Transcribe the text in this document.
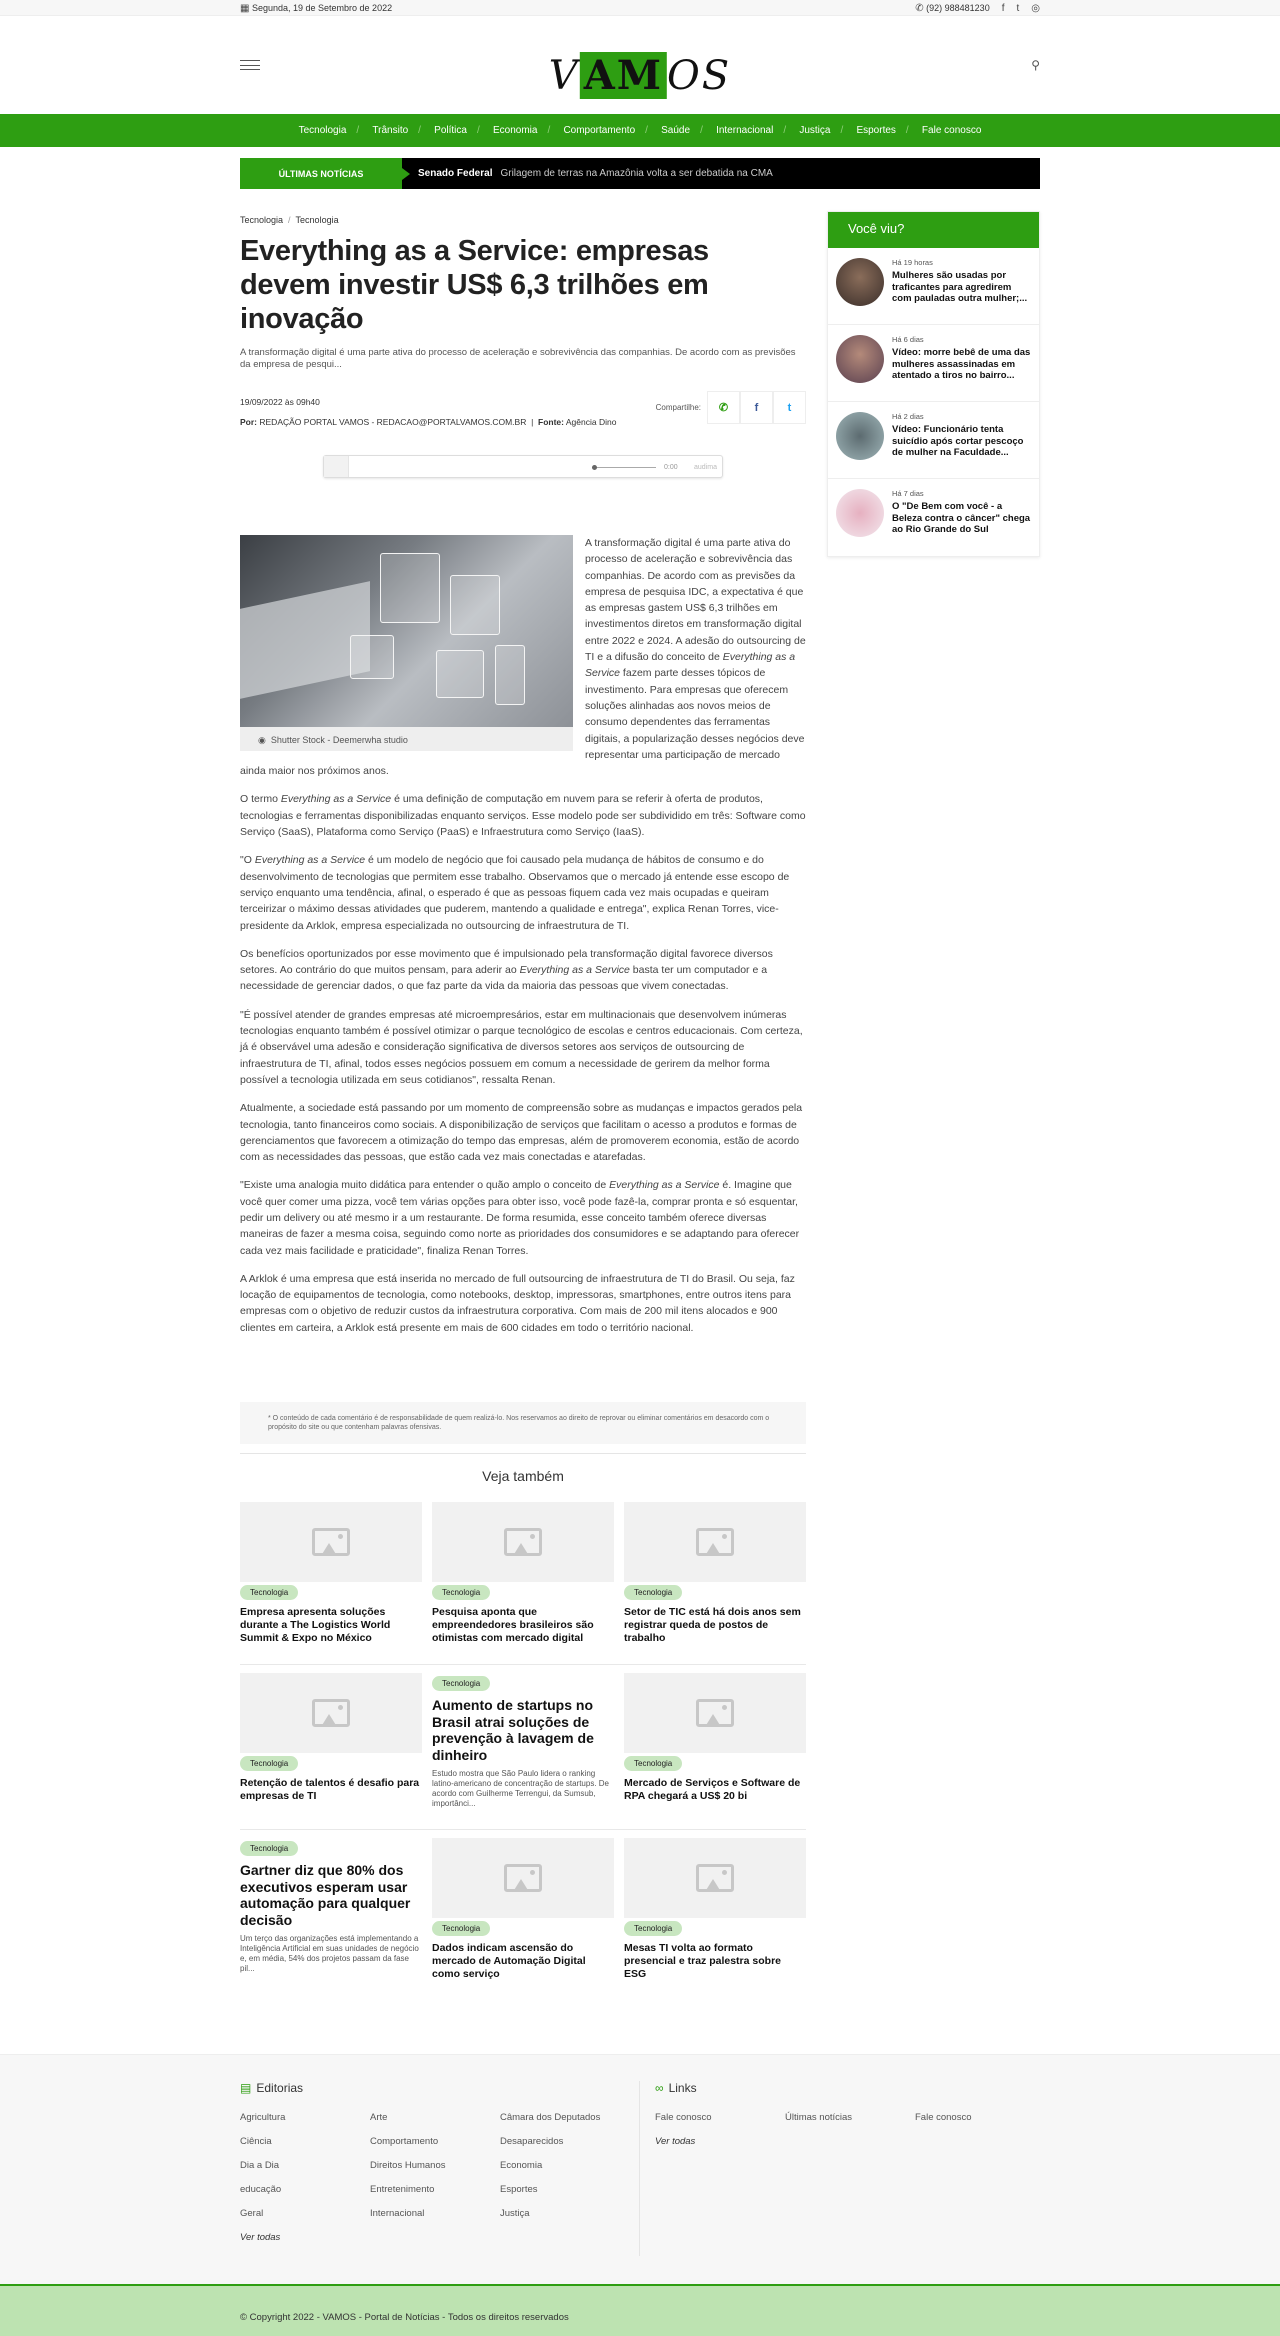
▦ Segunda, 19 de Setembro de 2022	✆ (92) 988481230 f t ◎
V AM OS	⚲
Tecnologia	/ Trânsito	/ Política	/ Economia	/ Comportamento	/ Saúde	/ Internacional	/ Justiça	/ Esportes	/ Fale conosco
ÚLTIMAS NOTÍCIAS	Senado Federal Grilagem de terras na Amazônia volta a ser debatida na CMA
Tecnologia / Tecnologia
Everything as a Service: empresas devem investir US$ 6,3 trilhões em inovação

A transformação digital é uma parte ativa do processo de aceleração e sobrevivência das companhias. De acordo com as previsões da empresa de pesqui...

19/09/2022 às 09h40
Por: REDAÇÃO PORTAL VAMOS - REDACAO@PORTALVAMOS.COM.BR  |  Fonte: Agência Dino
Compartilhe:	✆	f	t
0:00 audima
◉ Shutter Stock - Deemerwha studio

A transformação digital é uma parte ativa do processo de aceleração e sobrevivência das companhias. De acordo com as previsões da empresa de pesquisa IDC, a expectativa é que as empresas gastem US$ 6,3 trilhões em investimentos diretos em transformação digital entre 2022 e 2024. A adesão do outsourcing de TI e a difusão do conceito de Everything as a Service fazem parte desses tópicos de investimento. Para empresas que oferecem soluções alinhadas aos novos meios de consumo dependentes das ferramentas digitais, a popularização desses negócios deve representar uma participação de mercado ainda maior nos próximos anos.

O termo Everything as a Service é uma definição de computação em nuvem para se referir à oferta de produtos, tecnologias e ferramentas disponibilizadas enquanto serviços. Esse modelo pode ser subdividido em três: Software como Serviço (SaaS), Plataforma como Serviço (PaaS) e Infraestrutura como Serviço (IaaS).

"O Everything as a Service é um modelo de negócio que foi causado pela mudança de hábitos de consumo e do desenvolvimento de tecnologias que permitem esse trabalho. Observamos que o mercado já entende esse escopo de serviço enquanto uma tendência, afinal, o esperado é que as pessoas fiquem cada vez mais ocupadas e queiram terceirizar o máximo dessas atividades que puderem, mantendo a qualidade e entrega", explica Renan Torres, vice-presidente da Arklok, empresa especializada no outsourcing de infraestrutura de TI.

Os benefícios oportunizados por esse movimento que é impulsionado pela transformação digital favorece diversos setores. Ao contrário do que muitos pensam, para aderir ao Everything as a Service basta ter um computador e a necessidade de gerenciar dados, o que faz parte da vida da maioria das pessoas que vivem conectadas.

"É possível atender de grandes empresas até microempresários, estar em multinacionais que desenvolvem inúmeras tecnologias enquanto também é possível otimizar o parque tecnológico de escolas e centros educacionais. Com certeza, já é observável uma adesão e consideração significativa de diversos setores aos serviços de outsourcing de infraestrutura de TI, afinal, todos esses negócios possuem em comum a necessidade de gerirem da melhor forma possível a tecnologia utilizada em seus cotidianos", ressalta Renan.

Atualmente, a sociedade está passando por um momento de compreensão sobre as mudanças e impactos gerados pela tecnologia, tanto financeiros como sociais. A disponibilização de serviços que facilitam o acesso a produtos e formas de gerenciamentos que favorecem a otimização do tempo das empresas, além de promoverem economia, estão de acordo com as necessidades das pessoas, que estão cada vez mais conectadas e atarefadas.

"Existe uma analogia muito didática para entender o quão amplo o conceito de Everything as a Service é. Imagine que você quer comer uma pizza, você tem várias opções para obter isso, você pode fazê-la, comprar pronta e só esquentar, pedir um delivery ou até mesmo ir a um restaurante. De forma resumida, esse conceito também oferece diversas maneiras de fazer a mesma coisa, seguindo como norte as prioridades dos consumidores e se adaptando para oferecer cada vez mais facilidade e praticidade", finaliza Renan Torres.

A Arklok é uma empresa que está inserida no mercado de full outsourcing de infraestrutura de TI do Brasil. Ou seja, faz locação de equipamentos de tecnologia, como notebooks, desktop, impressoras, smartphones, entre outros itens para empresas com o objetivo de reduzir custos da infraestrutura corporativa. Com mais de 200 mil itens alocados e 900 clientes em carteira, a Arklok está presente em mais de 600 cidades em todo o território nacional.

* O conteúdo de cada comentário é de responsabilidade de quem realizá-lo. Nos reservamos ao direito de reprovar ou eliminar comentários em desacordo com o propósito do site ou que contenham palavras ofensivas.
Veja também
Tecnologia
Empresa apresenta soluções durante a The Logistics World Summit & Expo no México
Tecnologia
Pesquisa aponta que empreendedores brasileiros são otimistas com mercado digital
Tecnologia
Setor de TIC está há dois anos sem registrar queda de postos de trabalho
Tecnologia
Retenção de talentos é desafio para empresas de TI
Tecnologia
Aumento de startups no Brasil atrai soluções de prevenção à lavagem de dinheiro
Estudo mostra que São Paulo lidera o ranking latino-americano de concentração de startups. De acordo com Guilherme Terrengui, da Sumsub, importânci...
Tecnologia
Mercado de Serviços e Software de RPA chegará a US$ 20 bi
Tecnologia
Gartner diz que 80% dos executivos esperam usar automação para qualquer decisão
Um terço das organizações está implementando a Inteligência Artificial em suas unidades de negócio e, em média, 54% dos projetos passam da fase pil...
Tecnologia
Dados indicam ascensão do mercado de Automação Digital como serviço
Tecnologia
Mesas TI volta ao formato presencial e traz palestra sobre ESG
Você viu?
Há 19 horas
Mulheres são usadas por traficantes para agredirem com pauladas outra mulher;...
Há 6 dias
Vídeo: morre bebê de uma das mulheres assassinadas em atentado a tiros no bairro...
Há 2 dias
Vídeo: Funcionário tenta suicídio após cortar pescoço de mulher na Faculdade...
Há 7 dias
O "De Bem com você - a Beleza contra o câncer" chega ao Rio Grande do Sul
▤ Editorias
Agricultura	Arte	Câmara dos Deputados
Ciência	Comportamento	Desaparecidos
Dia a Dia	Direitos Humanos	Economia
educação	Entretenimento	Esportes
Geral	Internacional	Justiça
Ver todas
∞ Links
Fale conosco	Últimas notícias	Fale conosco
Ver todas
© Copyright 2022 - VAMOS - Portal de Notícias - Todos os direitos reservados
